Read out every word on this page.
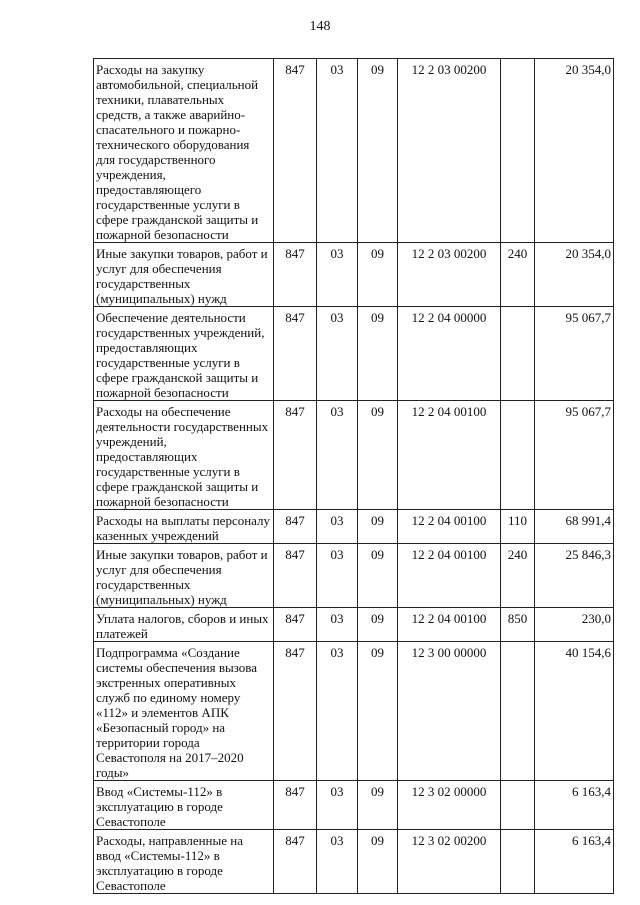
148
Расходы на закупку автомобильной, специальной техники, плавательных средств, а также аварийно-спасательного и пожарно-технического оборудования для государственного учреждения, предоставляющего государственные услуги в сфере гражданской защиты и пожарной безопасности	847	03	09	12 2 03 00200		20 354,0
Иные закупки товаров, работ и услуг для обеспечения государственных (муниципальных) нужд	847	03	09	12 2 03 00200	240	20 354,0
Обеспечение деятельности государственных учреждений, предоставляющих государственные услуги в сфере гражданской защиты и пожарной безопасности	847	03	09	12 2 04 00000		95 067,7
Расходы на обеспечение деятельности государственных учреждений, предоставляющих государственные услуги в сфере гражданской защиты и пожарной безопасности	847	03	09	12 2 04 00100		95 067,7
Расходы на выплаты персоналу казенных учреждений	847	03	09	12 2 04 00100	110	68 991,4
Иные закупки товаров, работ и услуг для обеспечения государственных (муниципальных) нужд	847	03	09	12 2 04 00100	240	25 846,3
Уплата налогов, сборов и иных платежей	847	03	09	12 2 04 00100	850	230,0
Подпрограмма «Создание системы обеспечения вызова экстренных оперативных служб по единому номеру «112» и элементов АПК «Безопасный город» на территории города Севастополя на 2017–2020 годы»	847	03	09	12 3 00 00000		40 154,6
Ввод «Системы-112» в эксплуатацию в городе Севастополе	847	03	09	12 3 02 00000		6 163,4
Расходы, направленные на ввод «Системы-112» в эксплуатацию в городе Севастополе	847	03	09	12 3 02 00200		6 163,4
